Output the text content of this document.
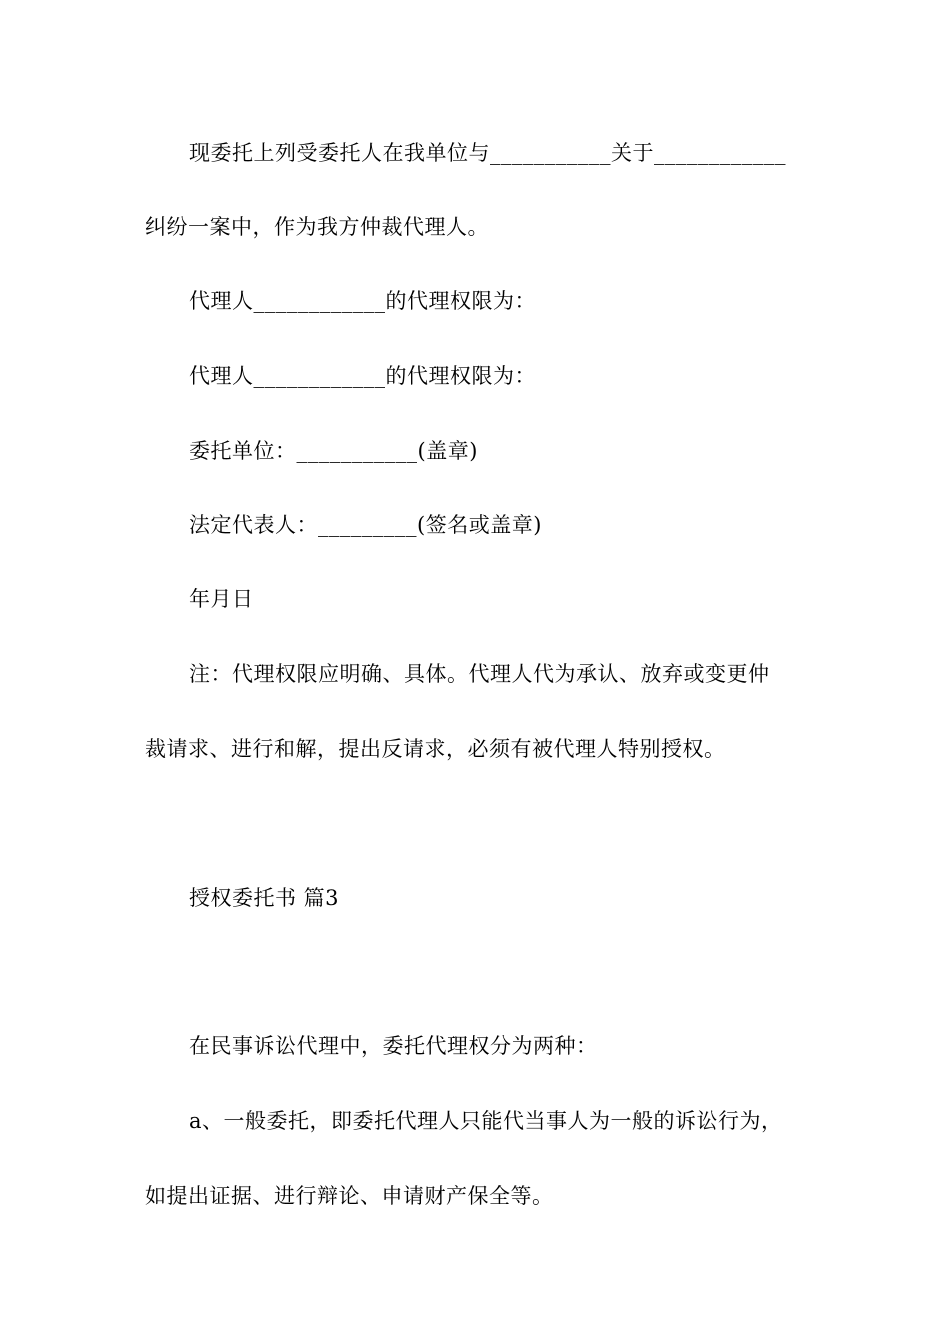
现委托上列受委托人在我单位与___________关于____________
纠纷一案中，作为我方仲裁代理人。
代理人____________的代理权限为：
代理人____________的代理权限为：
委托单位：___________(盖章)
法定代表人：_________(签名或盖章)
年月日
注：代理权限应明确、具体。代理人代为承认、放弃或变更仲
裁请求、进行和解，提出反请求，必须有被代理人特别授权。
授权委托书 篇3
在民事诉讼代理中，委托代理权分为两种：
a、一般委托，即委托代理人只能代当事人为一般的诉讼行为，
如提出证据、进行辩论、申请财产保全等。
